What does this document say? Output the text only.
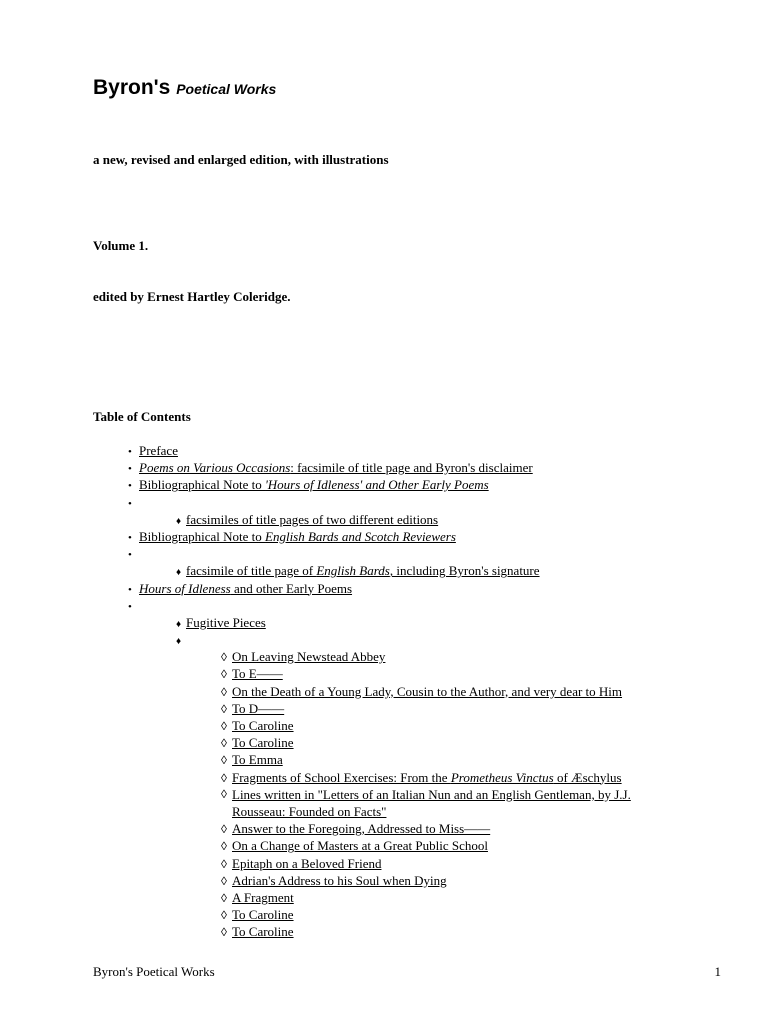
Byron's Poetical Works
a new, revised and enlarged edition, with illustrations
Volume 1.
edited by Ernest Hartley Coleridge.
Table of Contents
• Preface
• Poems on Various Occasions: facsimile of title page and Byron's disclaimer
• Bibliographical Note to 'Hours of Idleness' and Other Early Poems
•
♦ facsimiles of title pages of two different editions
• Bibliographical Note to English Bards and Scotch Reviewers
•
♦ facsimile of title page of English Bards, including Byron's signature
• Hours of Idleness and other Early Poems
•
♦ Fugitive Pieces
♦
◊ On Leaving Newstead Abbey
◊ To E——
◊ On the Death of a Young Lady, Cousin to the Author, and very dear to Him
◊ To D——
◊ To Caroline
◊ To Caroline
◊ To Emma
◊ Fragments of School Exercises: From the Prometheus Vinctus of Æschylus
◊ Lines written in "Letters of an Italian Nun and an English Gentleman, by J.J. Rousseau: Founded on Facts"
◊ Answer to the Foregoing, Addressed to Miss——
◊ On a Change of Masters at a Great Public School
◊ Epitaph on a Beloved Friend
◊ Adrian's Address to his Soul when Dying
◊ A Fragment
◊ To Caroline
◊ To Caroline
Byron's Poetical Works	1
